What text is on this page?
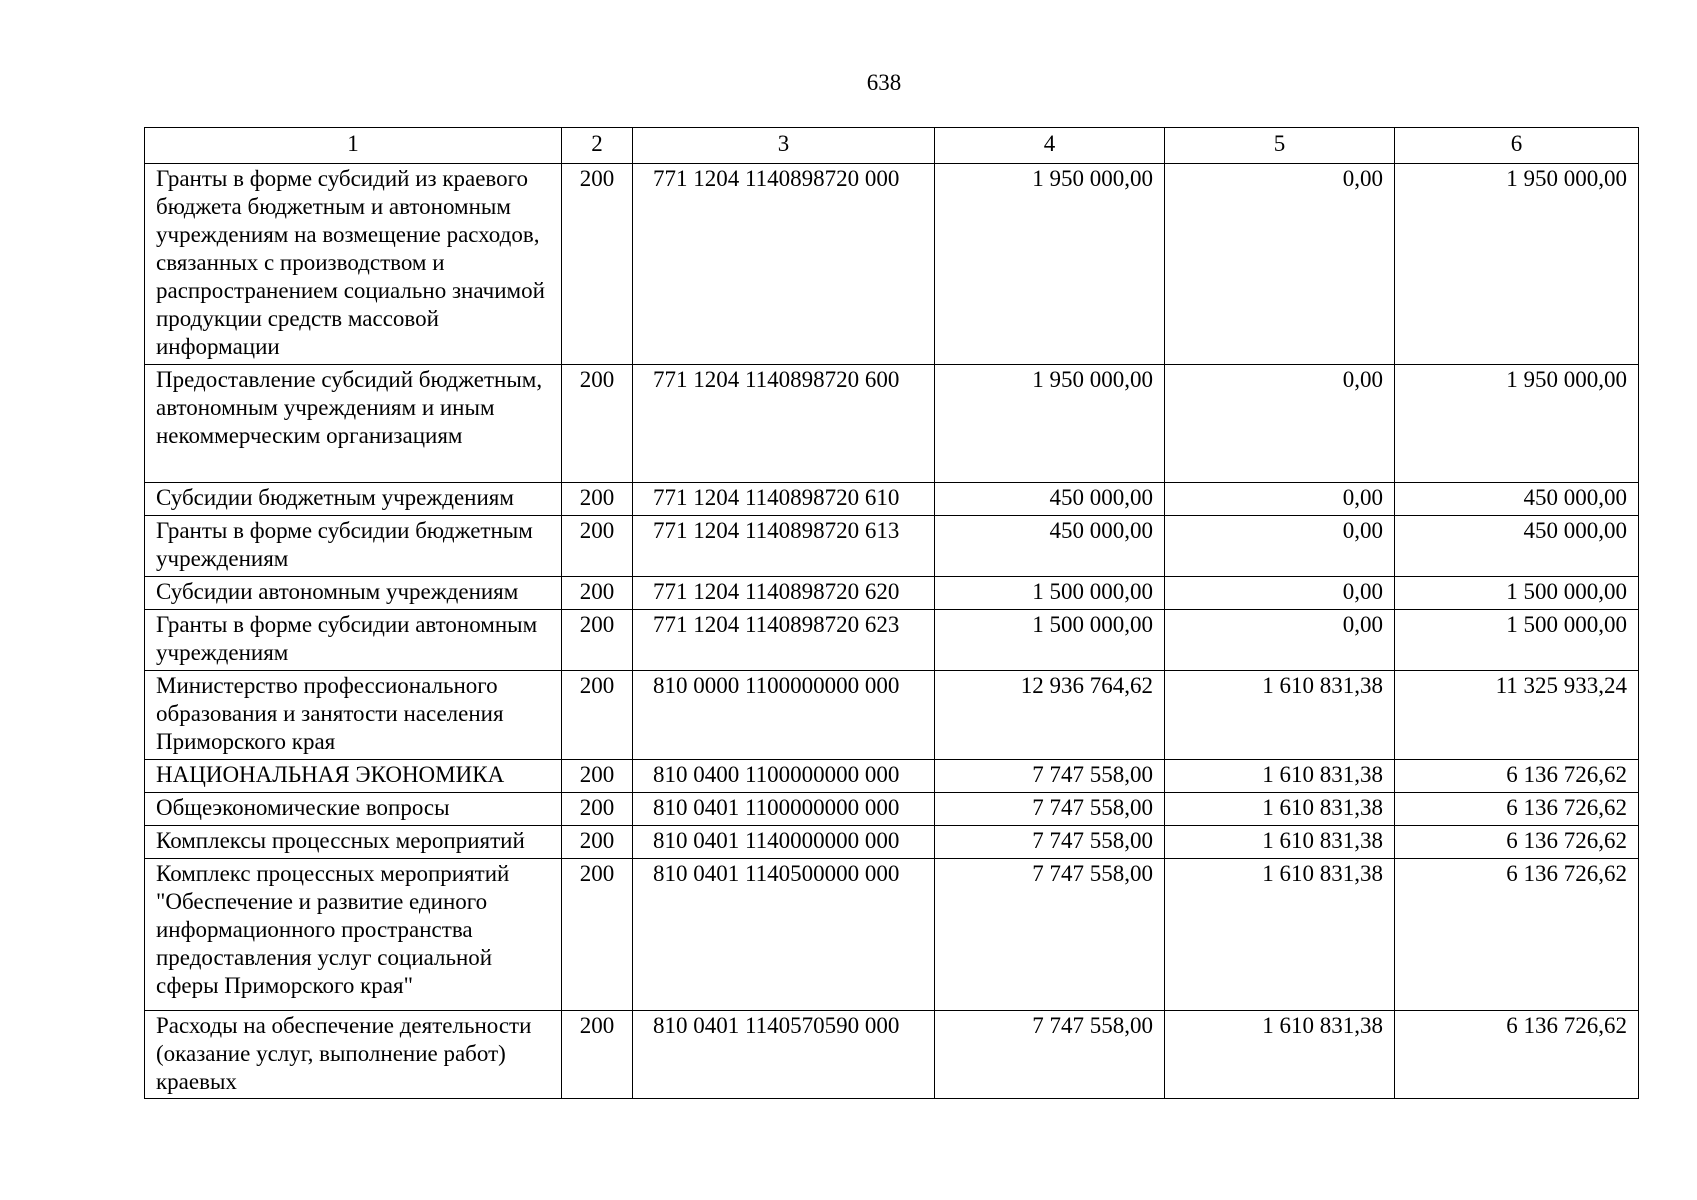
638
1	2	3	4	5	6
Гранты в форме субсидий из краевого бюджета бюджетным и автономным учреждениям на возмещение расходов, связанных с производством и распространением социально значимой продукции средств массовой информации	200	771 1204 1140898720 000	1 950 000,00	0,00	1 950 000,00
Предоставление субсидий бюджетным, автономным учреждениям и иным некоммерческим организациям	200	771 1204 1140898720 600	1 950 000,00	0,00	1 950 000,00
Субсидии бюджетным учреждениям	200	771 1204 1140898720 610	450 000,00	0,00	450 000,00
Гранты в форме субсидии бюджетным учреждениям	200	771 1204 1140898720 613	450 000,00	0,00	450 000,00
Субсидии автономным учреждениям	200	771 1204 1140898720 620	1 500 000,00	0,00	1 500 000,00
Гранты в форме субсидии автономным учреждениям	200	771 1204 1140898720 623	1 500 000,00	0,00	1 500 000,00
Министерство профессионального образования и занятости населения Приморского края	200	810 0000 1100000000 000	12 936 764,62	1 610 831,38	11 325 933,24
НАЦИОНАЛЬНАЯ ЭКОНОМИКА	200	810 0400 1100000000 000	7 747 558,00	1 610 831,38	6 136 726,62
Общеэкономические вопросы	200	810 0401 1100000000 000	7 747 558,00	1 610 831,38	6 136 726,62
Комплексы процессных мероприятий	200	810 0401 1140000000 000	7 747 558,00	1 610 831,38	6 136 726,62
Комплекс процессных мероприятий "Обеспечение и развитие единого информационного пространства предоставления услуг социальной сферы Приморского края"	200	810 0401 1140500000 000	7 747 558,00	1 610 831,38	6 136 726,62
Расходы на обеспечение деятельности (оказание услуг, выполнение работ) краевых	200	810 0401 1140570590 000	7 747 558,00	1 610 831,38	6 136 726,62
